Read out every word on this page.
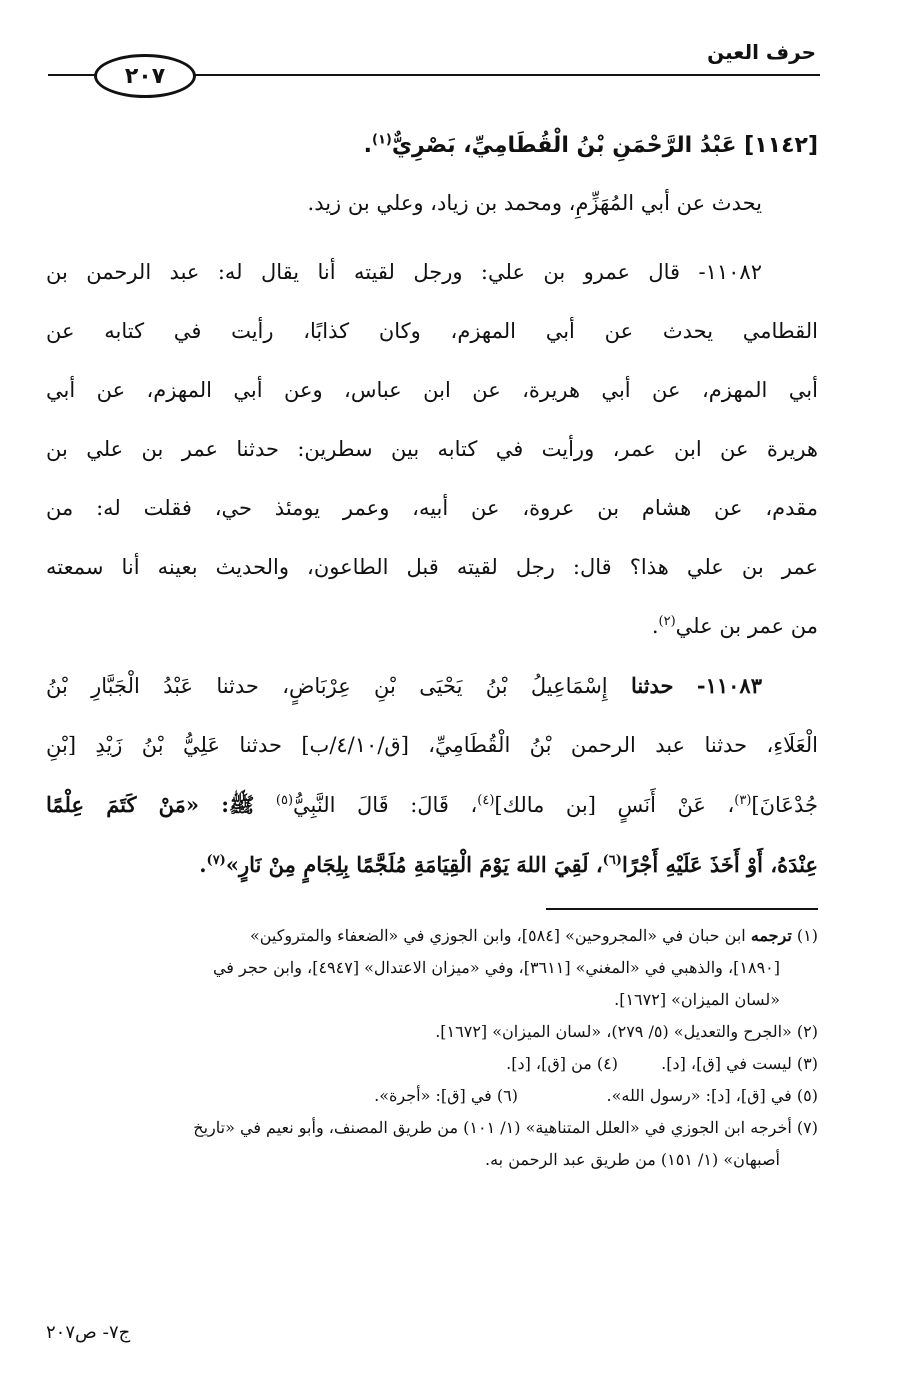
حرف العين
٢٠٧
[١١٤٢] عَبْدُ الرَّحْمَنِ بْنُ الْقُطَامِيِّ، بَصْرِيٌّ$^{(١)}$.

يحدث عن أبي المُهَزِّمِ، ومحمد بن زياد، وعلي بن زيد.

١١٠٨٢- قال عمرو بن علي: ورجل لقيته أنا يقال له: عبد الرحمن بن

القطامي يحدث عن أبي المهزم، وكان كذابًا، رأيت في كتابه عن

أبي المهزم، عن أبي هريرة، عن ابن عباس، وعن أبي المهزم، عن أبي

هريرة عن ابن عمر، ورأيت في كتابه بين سطرين: حدثنا عمر بن علي بن

مقدم، عن هشام بن عروة، عن أبيه، وعمر يومئذ حي، فقلت له: من

عمر بن علي هذا؟ قال: رجل لقيته قبل الطاعون، والحديث بعينه أنا سمعته

من عمر بن علي$^{(٢)}$.

١١٠٨٣- حدثنا إِسْمَاعِيلُ بْنُ يَحْيَى بْنِ عِرْبَاضٍ، حدثنا عَبْدُ الْجَبَّارِ بْنُ

الْعَلَاءِ، حدثنا عبد الرحمن بْنُ الْقُطَامِيِّ، [ق/٤/١٠/ب] حدثنا عَلِيُّ بْنُ زَيْدِ [بْنِ

جُدْعَانَ]$^{(٣)}$، عَنْ أَنَسٍ [بن مالك]$^{(٤)}$، قَالَ: قَالَ النَّبِيُّ$^{(٥)}$ ﷺ: «مَنْ كَتَمَ عِلْمًا

عِنْدَهُ، أَوْ أَخَذَ عَلَيْهِ أَجْرًا$^{(٦)}$، لَقِيَ اللهَ يَوْمَ الْقِيَامَةِ مُلَجَّمًا بِلِجَامٍ مِنْ نَارٍ»$^{(٧)}$.

(١) ترجمه ابن حبان في «المجروحين» [٥٨٤]، وابن الجوزي في «الضعفاء والمتروكين»

[١٨٩٠]، والذهبي في «المغني» [٣٦١١]، وفي «ميزان الاعتدال» [٤٩٤٧]، وابن حجر في

«لسان الميزان» [١٦٧٢].

(٢) «الجرح والتعديل» (٥/ ٢٧٩)، «لسان الميزان» [١٦٧٢].

(٣) ليست في [ق]، [د].

(٤) من [ق]، [د].

(٥) في [ق]، [د]: «رسول الله».

(٦) في [ق]: «أجرة».

(٧) أخرجه ابن الجوزي في «العلل المتناهية» (١/ ١٠١) من طريق المصنف، وأبو نعيم في «تاريخ

أصبهان» (١/ ١٥١) من طريق عبد الرحمن به.

ج٧- ص٢٠٧
